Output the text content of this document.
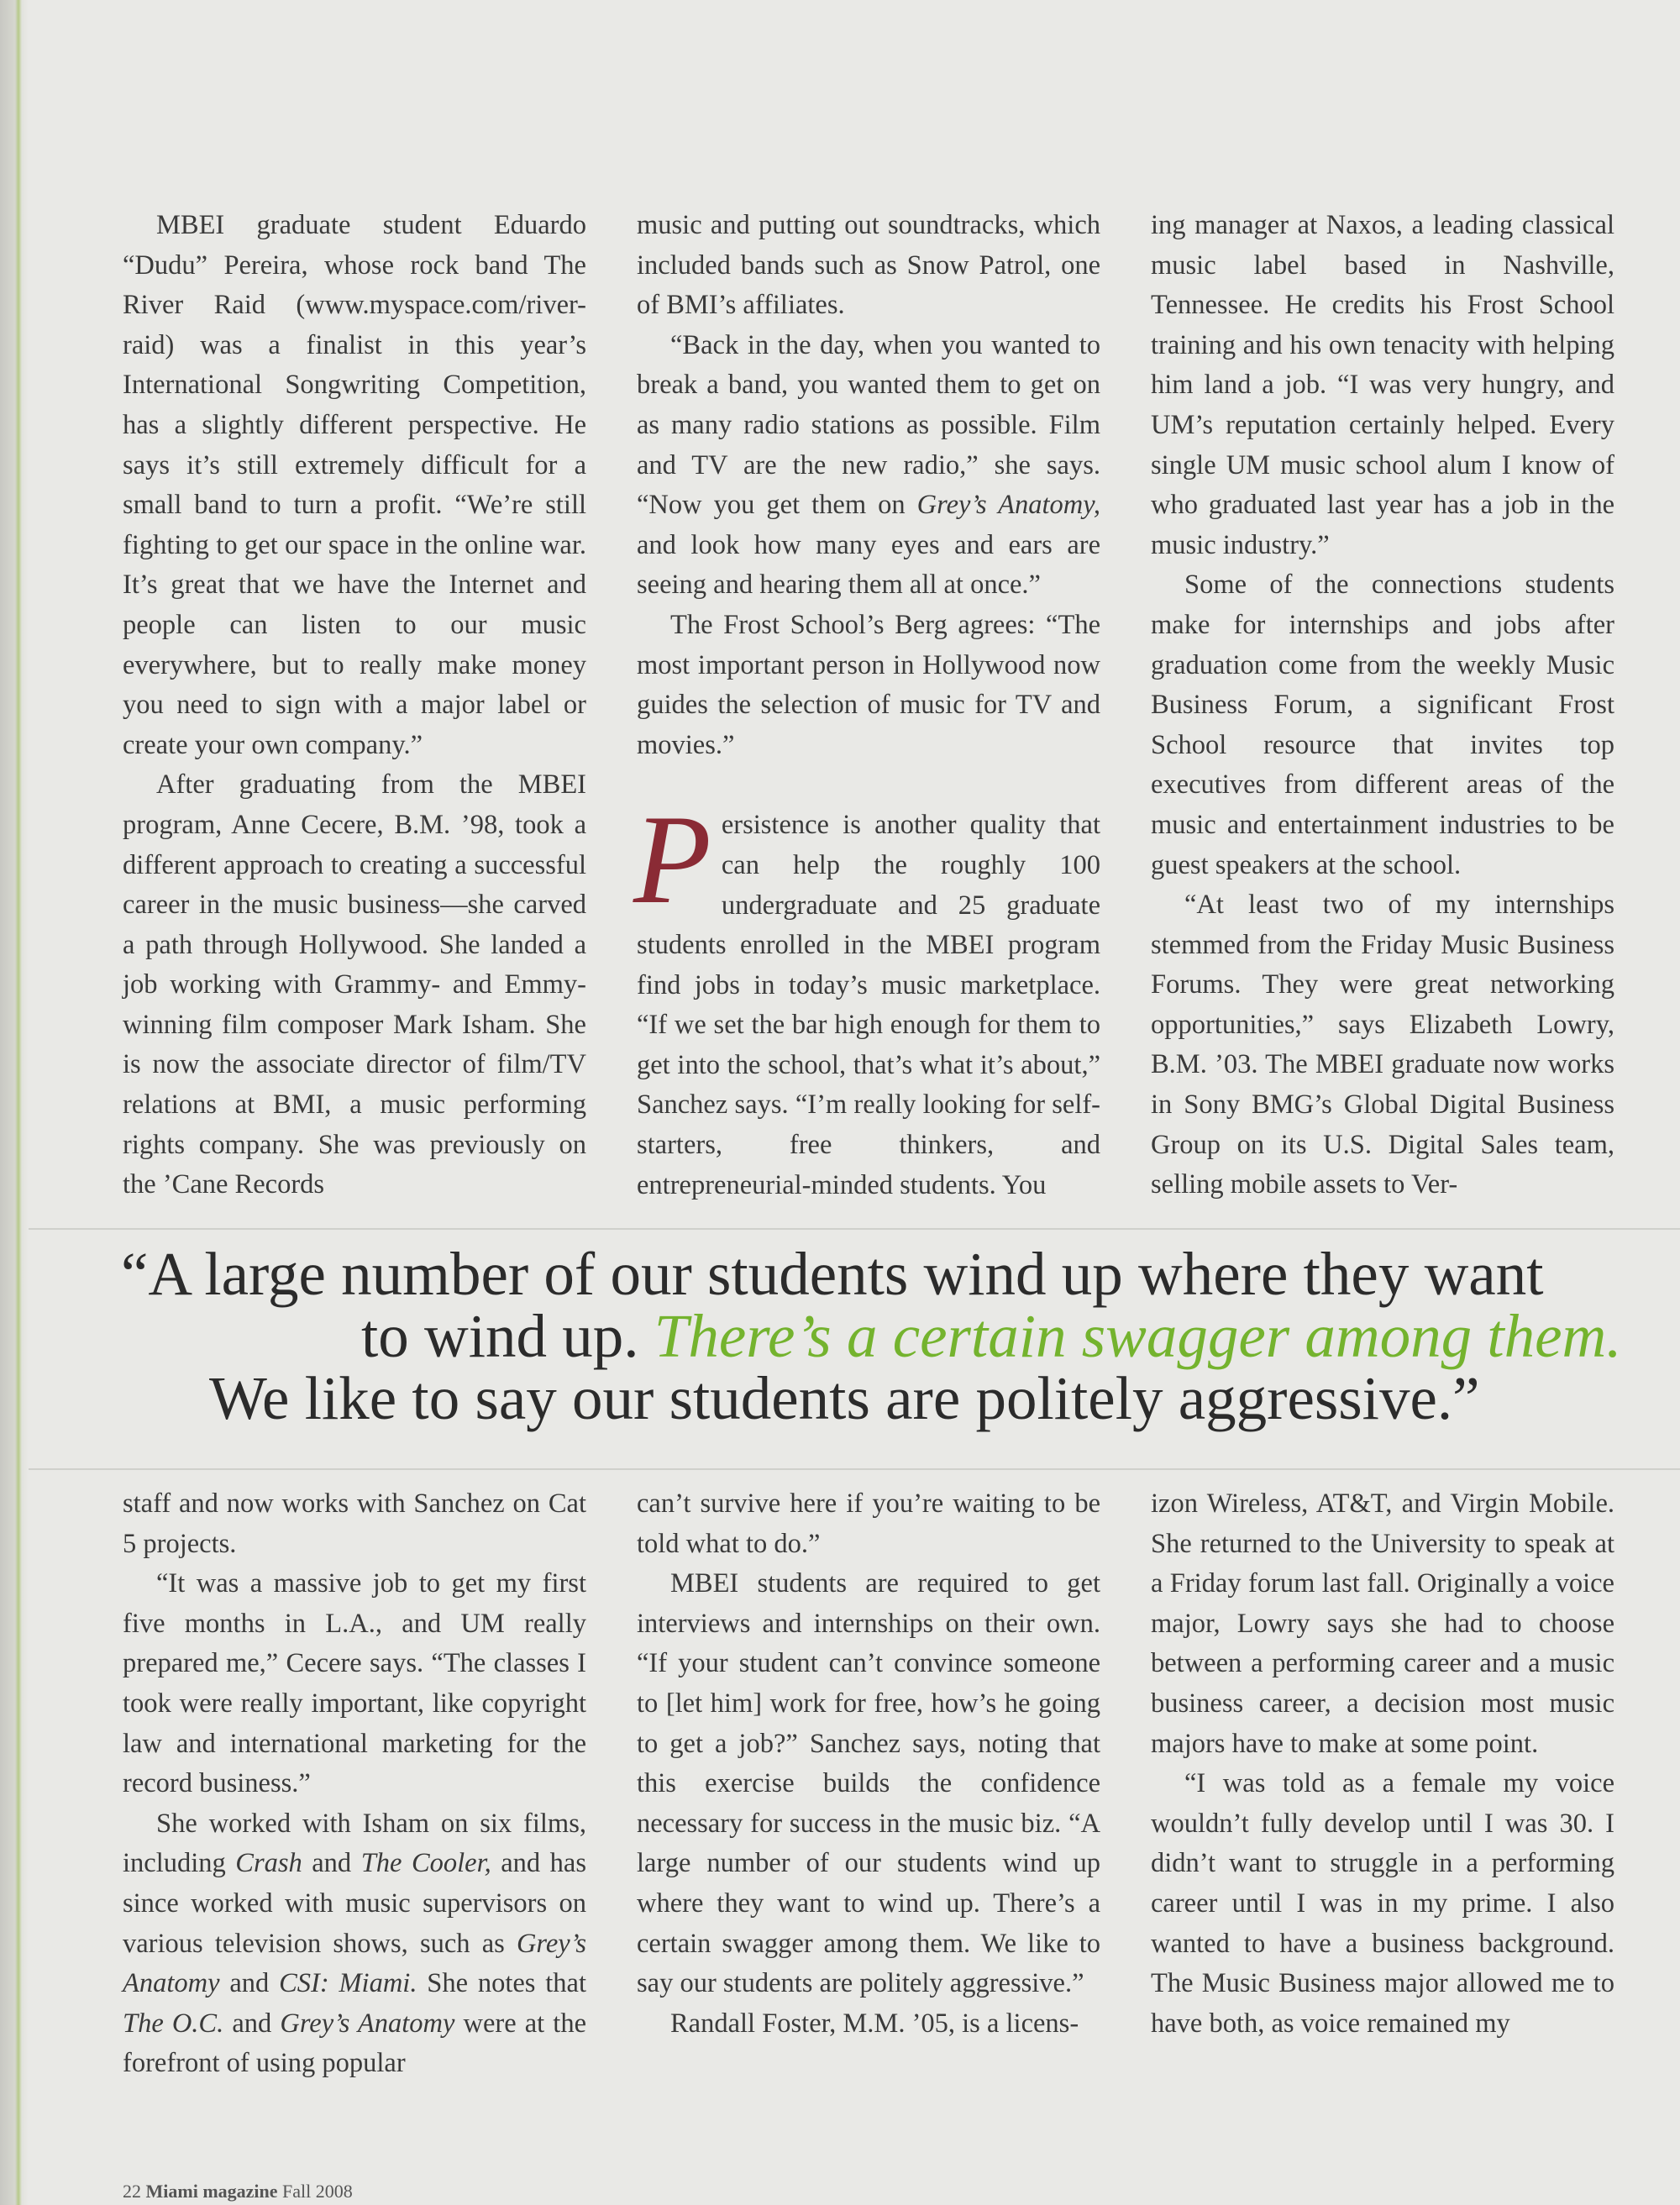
MBEI graduate student Eduardo “Dudu” Pereira, whose rock band The River Raid (www.myspace.com/river-raid) was a finalist in this year’s International Songwriting Competition, has a slightly different perspective. He says it’s still extremely difficult for a small band to turn a profit. “We’re still fighting to get our space in the online war. It’s great that we have the Internet and people can listen to our music everywhere, but to really make money you need to sign with a major label or create your own company.”

After graduating from the MBEI program, Anne Cecere, B.M. ’98, took a different approach to creating a successful career in the music business—she carved a path through Hollywood. She landed a job working with Grammy- and Emmy-winning film composer Mark Isham. She is now the associate director of film/TV relations at BMI, a music performing rights company. She was previously on the ’Cane Records

music and putting out soundtracks, which included bands such as Snow Patrol, one of BMI’s affiliates.

“Back in the day, when you wanted to break a band, you wanted them to get on as many radio stations as possible. Film and TV are the new radio,” she says. “Now you get them on Grey’s Anatomy, and look how many eyes and ears are seeing and hearing them all at once.”

The Frost School’s Berg agrees: “The most important person in Hollywood now guides the selection of music for TV and movies.”

Persistence is another quality that can help the roughly 100 undergraduate and 25 graduate students enrolled in the MBEI program find jobs in today’s music marketplace. “If we set the bar high enough for them to get into the school, that’s what it’s about,” Sanchez says. “I’m really looking for self-starters, free thinkers, and entrepreneurial-minded students. You

ing manager at Naxos, a leading classical music label based in Nashville, Tennessee. He credits his Frost School training and his own tenacity with helping him land a job. “I was very hungry, and UM’s reputation certainly helped. Every single UM music school alum I know of who graduated last year has a job in the music industry.”

Some of the connections students make for internships and jobs after graduation come from the weekly Music Business Forum, a significant Frost School resource that invites top executives from different areas of the music and entertainment industries to be guest speakers at the school.

“At least two of my internships stemmed from the Friday Music Business Forums. They were great networking opportunities,” says Elizabeth Lowry, B.M. ’03. The MBEI graduate now works in Sony BMG’s Global Digital Business Group on its U.S. Digital Sales team, selling mobile assets to Ver-

“A large number of our students wind up where they want
to wind up. There’s a certain swagger among them.
We like to say our students are politely aggressive.”

staff and now works with Sanchez on Cat 5 projects.

“It was a massive job to get my first five months in L.A., and UM really prepared me,” Cecere says. “The classes I took were really important, like copyright law and international marketing for the record business.”

She worked with Isham on six films, including Crash and The Cooler, and has since worked with music supervisors on various television shows, such as Grey’s Anatomy and CSI: Miami. She notes that The O.C. and Grey’s Anatomy were at the forefront of using popular

can’t survive here if you’re waiting to be told what to do.”

MBEI students are required to get interviews and internships on their own. “If your student can’t convince someone to [let him] work for free, how’s he going to get a job?” Sanchez says, noting that this exercise builds the confidence necessary for success in the music biz. “A large number of our students wind up where they want to wind up. There’s a certain swagger among them. We like to say our students are politely aggressive.”

Randall Foster, M.M. ’05, is a licens-

izon Wireless, AT&T, and Virgin Mobile. She returned to the University to speak at a Friday forum last fall. Originally a voice major, Lowry says she had to choose between a performing career and a music business career, a decision most music majors have to make at some point.

“I was told as a female my voice wouldn’t fully develop until I was 30. I didn’t want to struggle in a performing career until I was in my prime. I also wanted to have a business background. The Music Business major allowed me to have both, as voice remained my

22 Miami magazine Fall 2008
